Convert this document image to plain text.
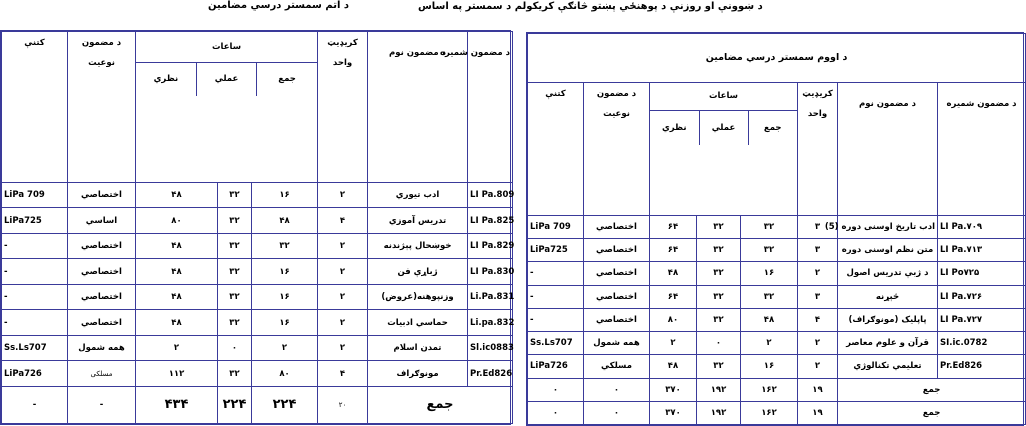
د ښوونې او روزنې د پوهنځي پښتو څانګې کريکولم د سمستر په اساس
د اتم سمستر درسي مضامين
کتنې	د مضمون

نوعيت	
ساعات
جمع	عملي	نظري
	کريډيټ

واحد	
د مضمون نوم	
د مضمون شميره
LiPa 709	اختصاصي	۴۸	۳۲	۱۶	۲	ادب تيوري	LI Pa.809
LiPa725	اساسي	۸۰	۳۲	۴۸	۴	تدريس آموزي	LI Pa.825
-	اختصاصي	۴۸	۳۲	۳۲	۲	خوښحال پېژندنه	LI Pa.829
-	اختصاصي	۴۸	۳۲	۱۶	۲	ژباړې فن	LI Pa.830
-	اختصاصي	۴۸	۳۲	۱۶	۲	وزنپوهنه(عروض)	Li.Pa.831
-	اختصاصي	۴۸	۳۲	۱۶	۲	حماسي ادبيات	Li.pa.832
Ss.Ls707	همه شمول	۲	۰	۲	۲	تمدن اسلام	Sl.ic0883
LiPa726	مسلکی	۱۱۲	۳۲	۸۰	۴	مونوګراف	Pr.Ed826
-	-	۴۳۴	۲۲۴	۲۲۴	۲۰	جمع
د اووم سمستر درسي مضامين
کتنې	د مضمون

نوعيت	
ساعات
جمع	عملي	نظري
	کريډيټ

واحد	
د مضمون نوم	د مضمون شميره
LiPa 709	اختصاصي	۶۴	۳۲	۳۲	۳	ادب تاريخ اوسنى دوره (5)	LI Pa.۷۰۹
LiPa725	اختصاصي	۶۴	۳۲	۳۲	۳	متن نظم اوسنى دوره	LI Pa.۷۱۳
-	اختصاصي	۴۸	۳۲	۱۶	۲	د ژبې تدريس اصول	LI Po۷۲۵
-	اختصاصي	۶۴	۳۲	۳۲	۳	څېړنه	LI Pa.۷۲۶
-	اختصاصي	۸۰	۳۲	۴۸	۴	پاپليک (مونوګراف)	LI Pa.۷۲۷
Ss.Ls707	همه شمول	۲	۰	۲	۲	قرآن و علوم معاصر	SI.ic.0782
LiPa726	مسلکي	۴۸	۳۲	۱۶	۲	تعليمي تکنالوژي	Pr.Ed826
۰	۰	۳۷۰	۱۹۲	۱۶۲	۱۹	جمع
۰	۰	۳۷۰	۱۹۲	۱۶۲	۱۹	جمع
